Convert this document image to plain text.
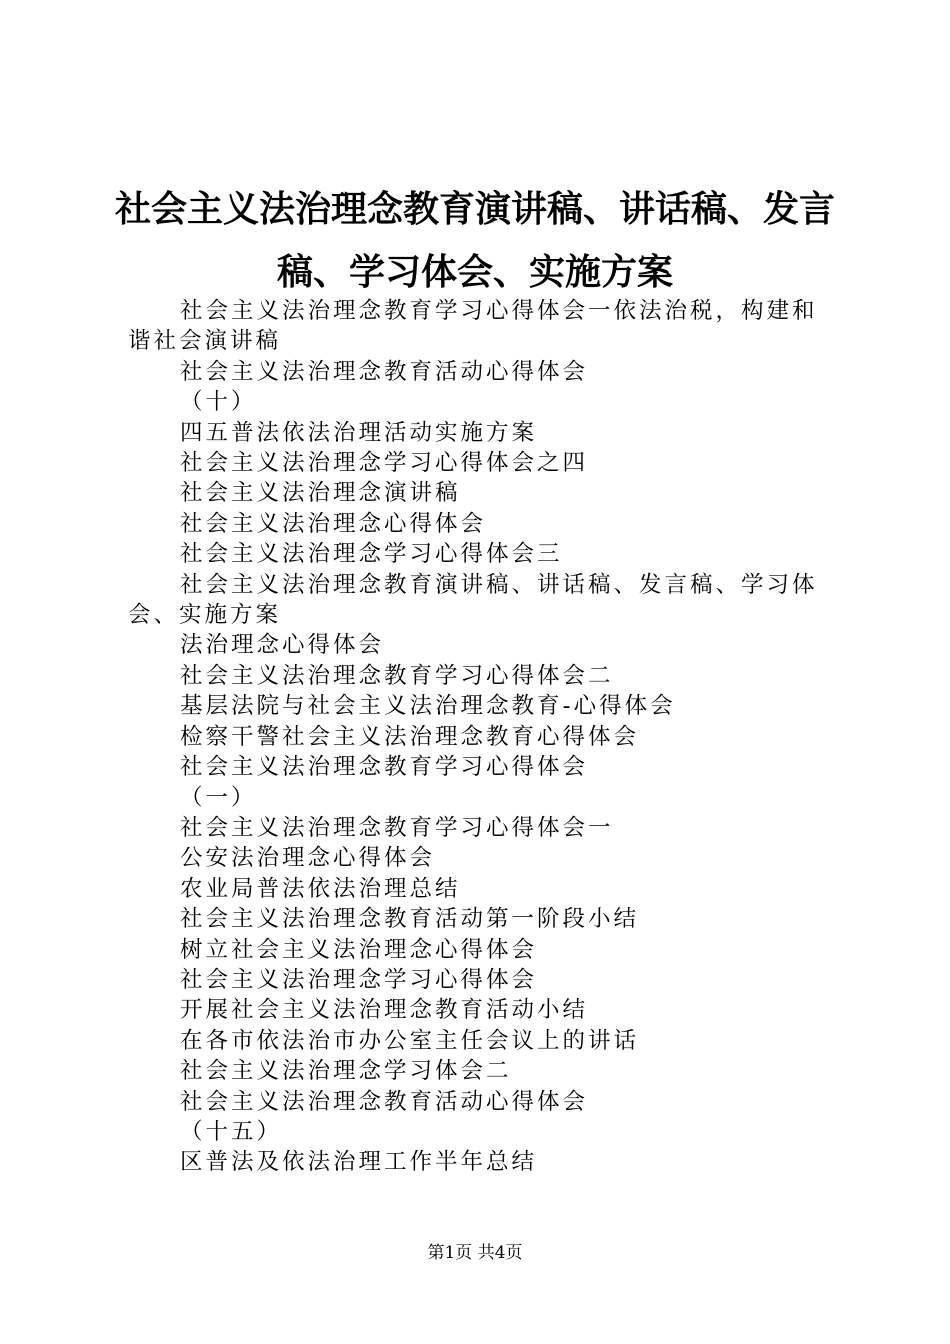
社会主义法治理念教育演讲稿、讲话稿、发言稿、学习体会、实施方案

社会主义法治理念教育学习心得体会一依法治税，构建和谐社会演讲稿

社会主义法治理念教育活动心得体会

（十）

四五普法依法治理活动实施方案

社会主义法治理念学习心得体会之四

社会主义法治理念演讲稿

社会主义法治理念心得体会

社会主义法治理念学习心得体会三

社会主义法治理念教育演讲稿、讲话稿、发言稿、学习体会、实施方案

法治理念心得体会

社会主义法治理念教育学习心得体会二

基层法院与社会主义法治理念教育-心得体会

检察干警社会主义法治理念教育心得体会

社会主义法治理念教育学习心得体会

（一）

社会主义法治理念教育学习心得体会一

公安法治理念心得体会

农业局普法依法治理总结

社会主义法治理念教育活动第一阶段小结

树立社会主义法治理念心得体会

社会主义法治理念学习心得体会

开展社会主义法治理念教育活动小结

在各市依法治市办公室主任会议上的讲话

社会主义法治理念学习体会二

社会主义法治理念教育活动心得体会

（十五）

区普法及依法治理工作半年总结

第1页 共4页
